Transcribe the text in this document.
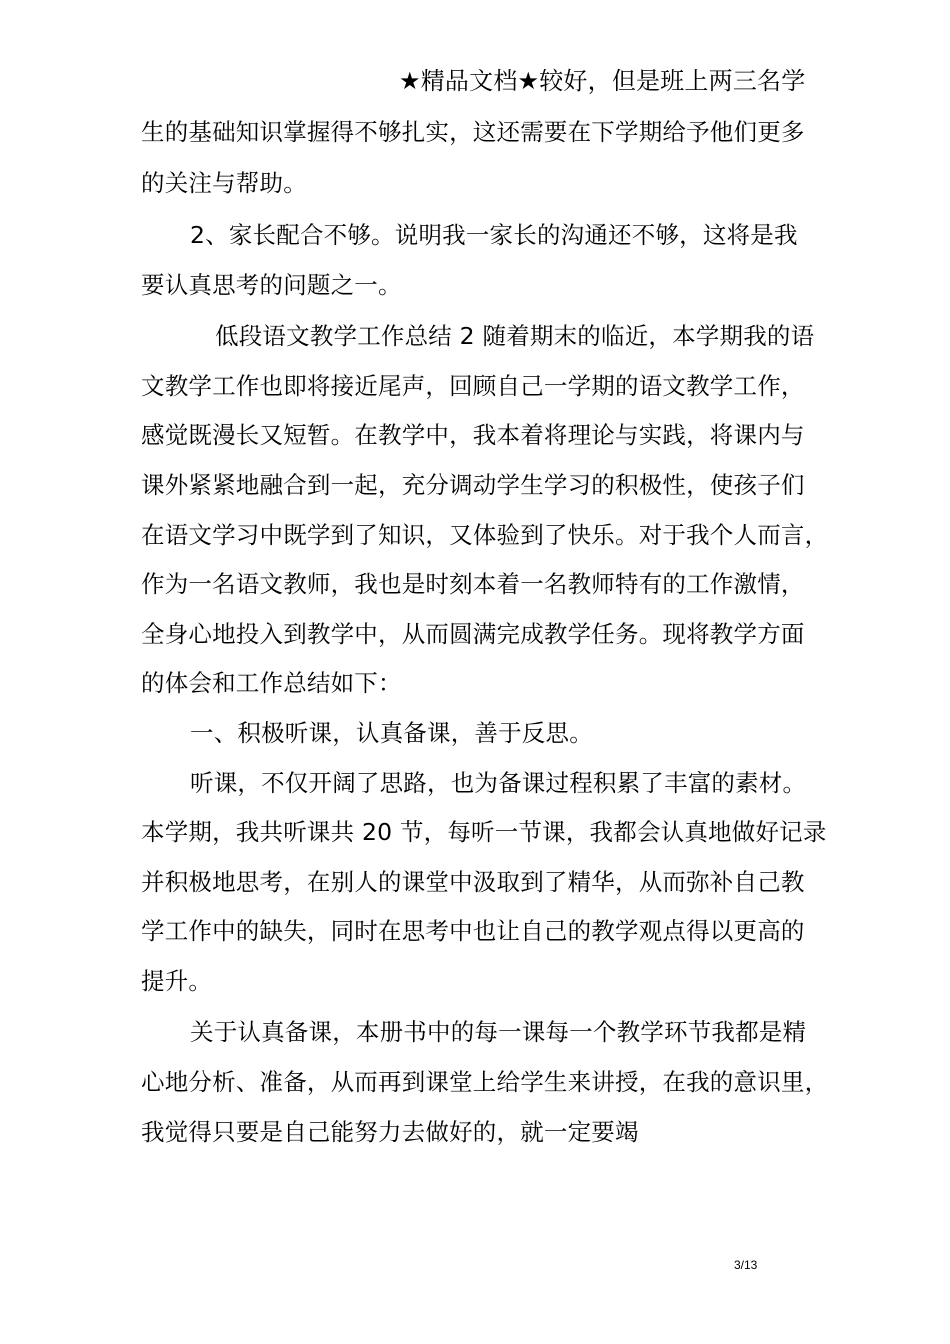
★精品文档★较好，但是班上两三名学
生的基础知识掌握得不够扎实，这还需要在下学期给予他们更多
的关注与帮助。
2、家长配合不够。说明我一家长的沟通还不够，这将是我
要认真思考的问题之一。
低段语文教学工作总结 2 随着期末的临近，本学期我的语
文教学工作也即将接近尾声，回顾自己一学期的语文教学工作，
感觉既漫长又短暂。在教学中，我本着将理论与实践，将课内与
课外紧紧地融合到一起，充分调动学生学习的积极性，使孩子们
在语文学习中既学到了知识，又体验到了快乐。对于我个人而言，
作为一名语文教师，我也是时刻本着一名教师特有的工作激情，
全身心地投入到教学中，从而圆满完成教学任务。现将教学方面
的体会和工作总结如下：
一、积极听课，认真备课，善于反思。
听课，不仅开阔了思路，也为备课过程积累了丰富的素材。
本学期，我共听课共 20 节，每听一节课，我都会认真地做好记录
并积极地思考，在别人的课堂中汲取到了精华，从而弥补自己教
学工作中的缺失，同时在思考中也让自己的教学观点得以更高的
提升。
关于认真备课，本册书中的每一课每一个教学环节我都是精
心地分析、准备，从而再到课堂上给学生来讲授，在我的意识里，
我觉得只要是自己能努力去做好的，就一定要竭
3/13
